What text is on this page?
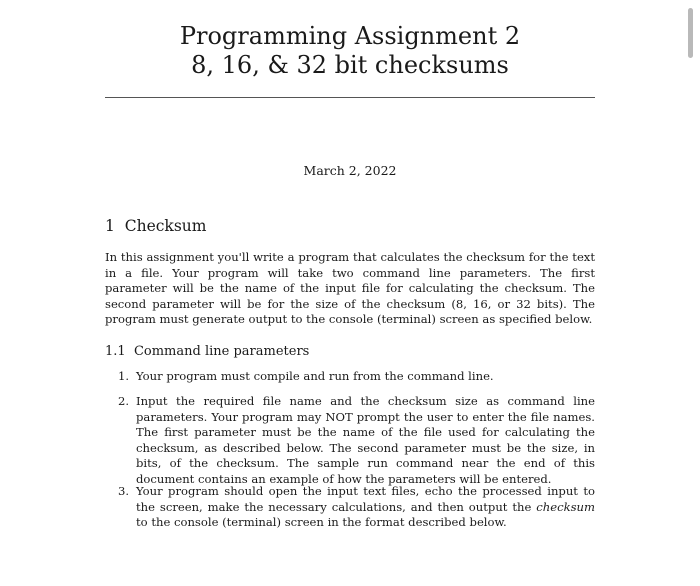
Programming Assignment 2
8, 16, & 32 bit checksums
March 2, 2022
1 Checksum
In this assignment you'll write a program that calculates the checksum for the text in a file. Your program will take two command line parameters. The first parameter will be the name of the input file for calculating the checksum. The second parameter will be for the size of the checksum (8, 16, or 32 bits). The program must generate output to the console (terminal) screen as specified below.
1.1 Command line parameters
1. Your program must compile and run from the command line.
2. Input the required file name and the checksum size as command line parameters. Your program may NOT prompt the user to enter the file names. The first parameter must be the name of the file used for calculating the checksum, as described below. The second parameter must be the size, in bits, of the checksum. The sample run command near the end of this document contains an example of how the parameters will be entered.
3. Your program should open the input text files, echo the processed input to the screen, make the necessary calculations, and then output the checksum to the console (terminal) screen in the format described below.
